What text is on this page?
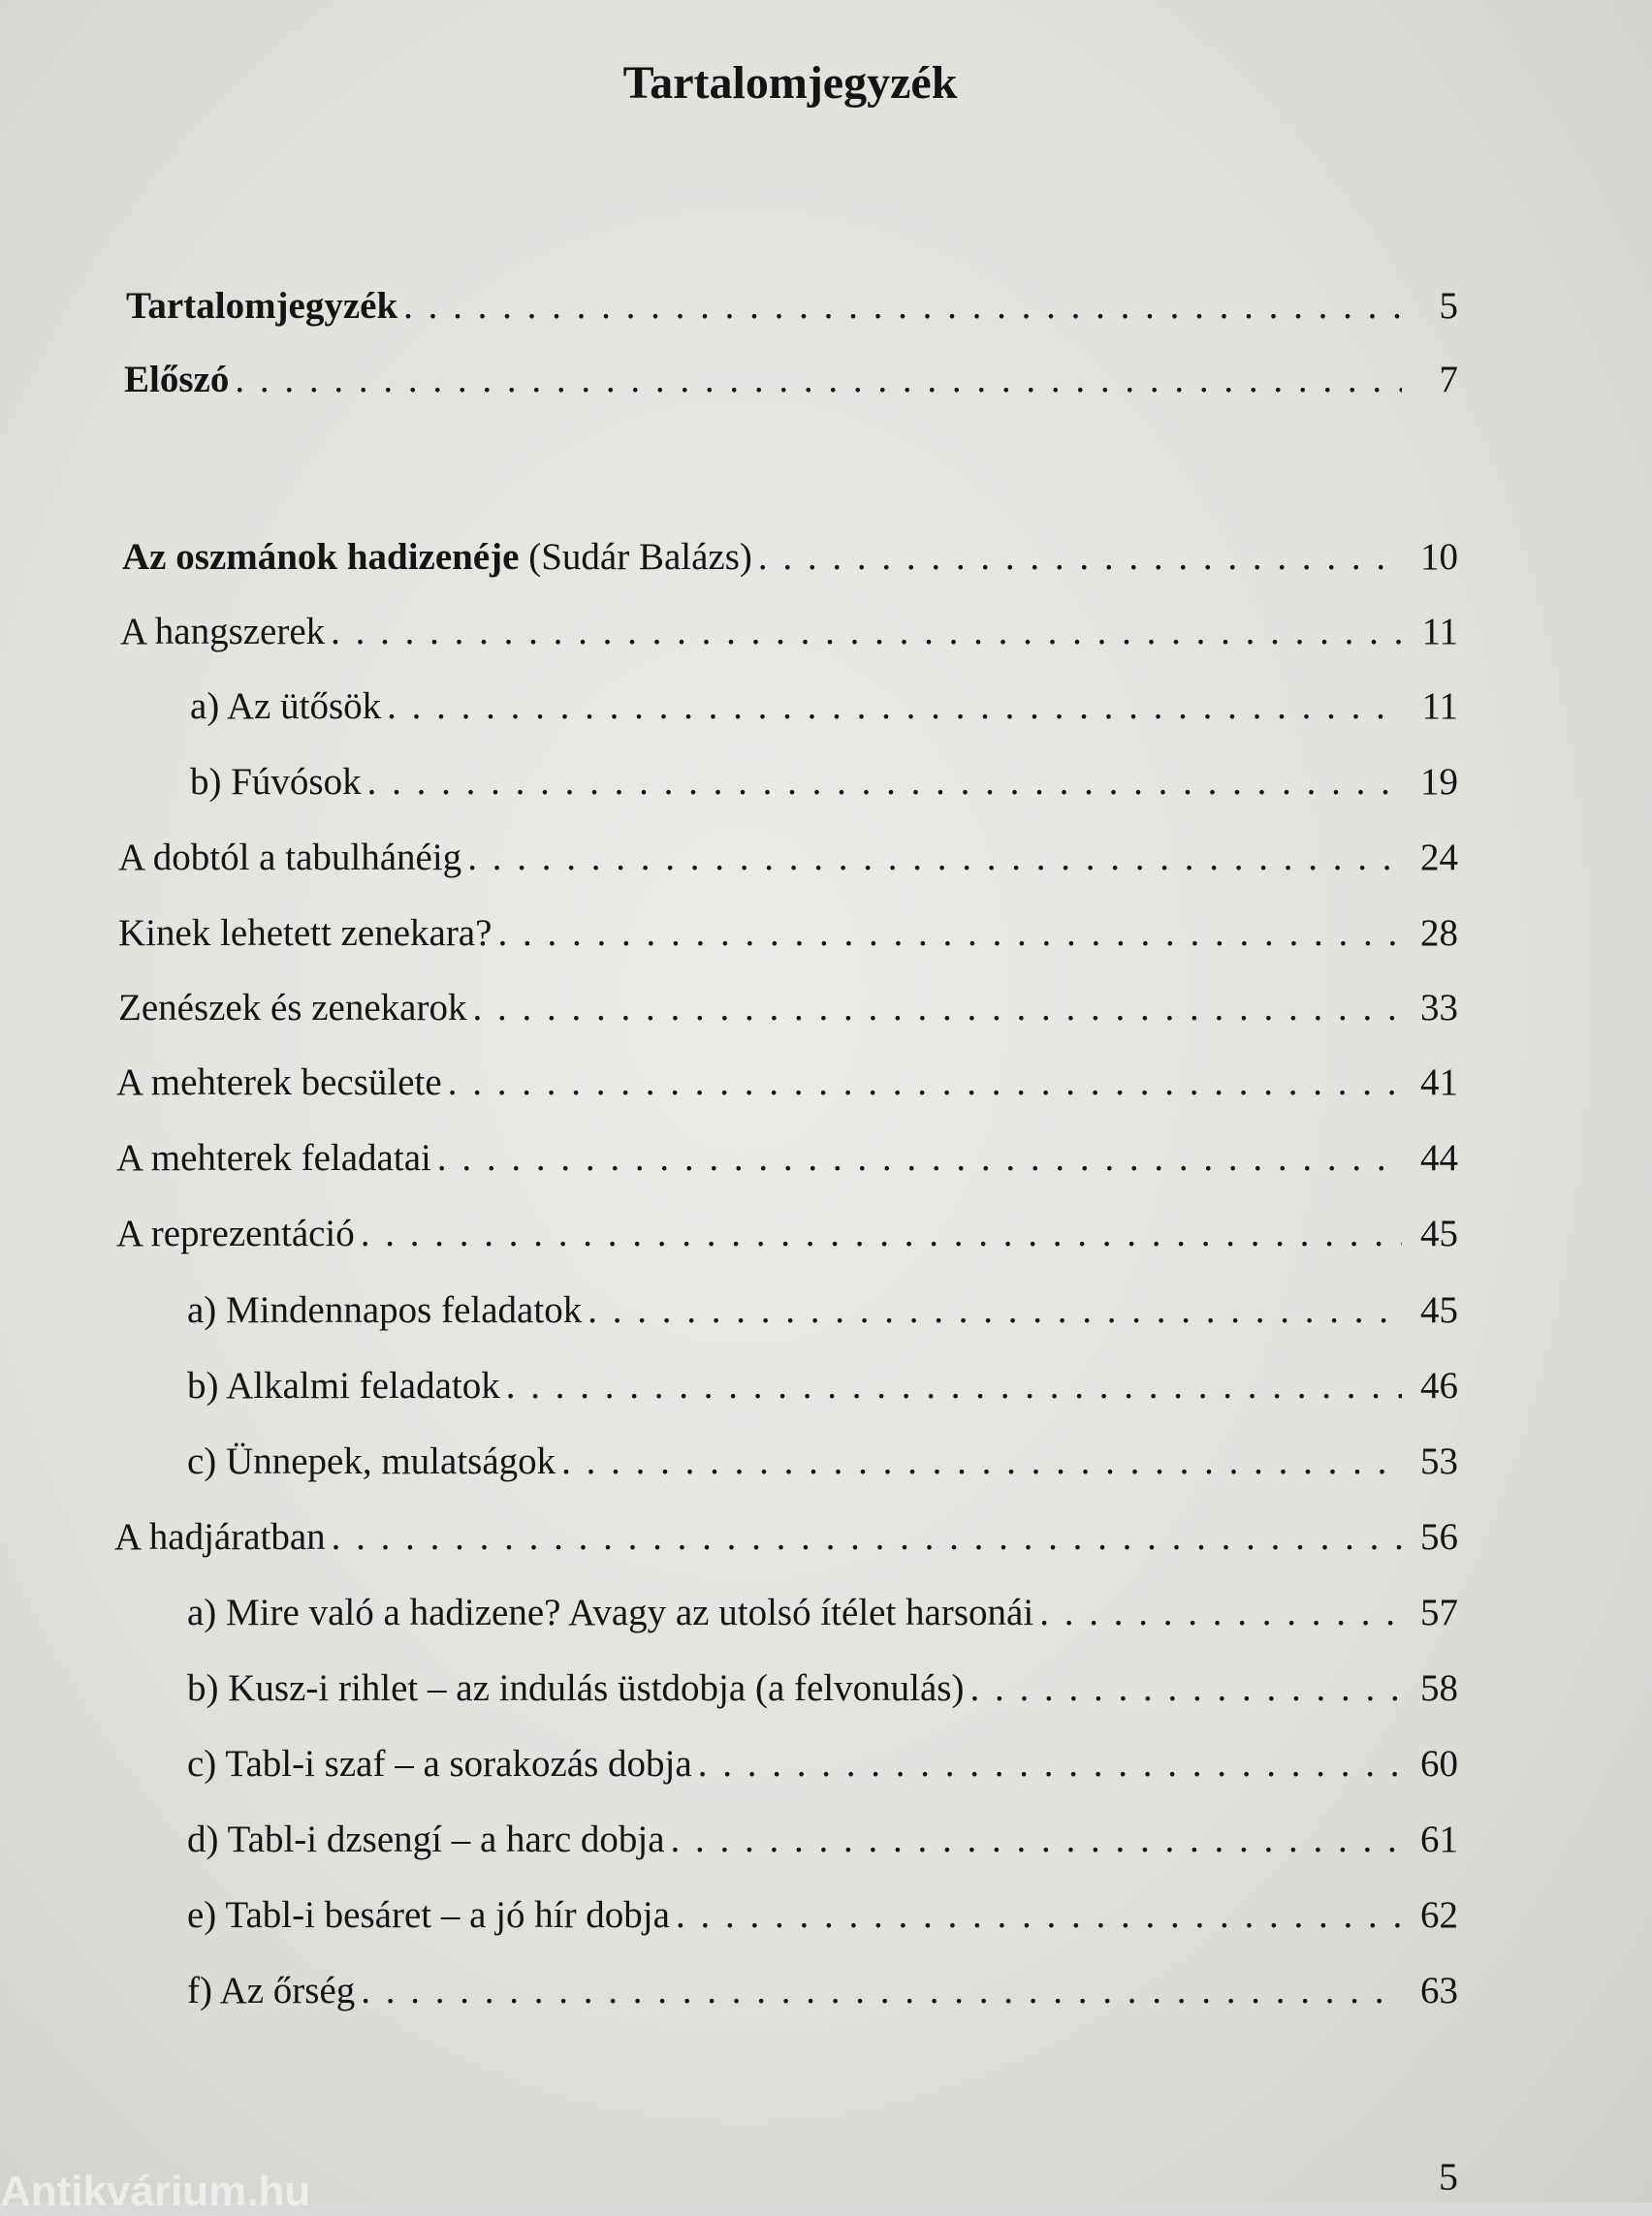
Tartalomjegyzék
Tartalomjegyzék . . .	5
Előszó . . .	7
Az oszmánok hadizenéje (Sudár Balázs) . . .	10
A hangszerek . . .	11
a) Az ütősök . . .	11
b) Fúvósok . . .	19
A dobtól a tabulhánéig . . .	24
Kinek lehetett zenekara? . . .	28
Zenészek és zenekarok . . .	33
A mehterek becsülete . . .	41
A mehterek feladatai . . .	44
A reprezentáció . . .	45
a) Mindennapos feladatok . . .	45
b) Alkalmi feladatok . . .	46
c) Ünnepek, mulatságok . . .	53
A hadjáratban . . .	56
a) Mire való a hadizene? Avagy az utolsó ítélet harsonái . . .	57
b) Kusz-i rihlet – az indulás üstdobja (a felvonulás) . . .	58
c) Tabl-i szaf – a sorakozás dobja . . .	60
d) Tabl-i dzsengí – a harc dobja . . .	61
e) Tabl-i besáret – a jó hír dobja . . .	62
f) Az őrség . . .	63
5
Antikvárium.hu
